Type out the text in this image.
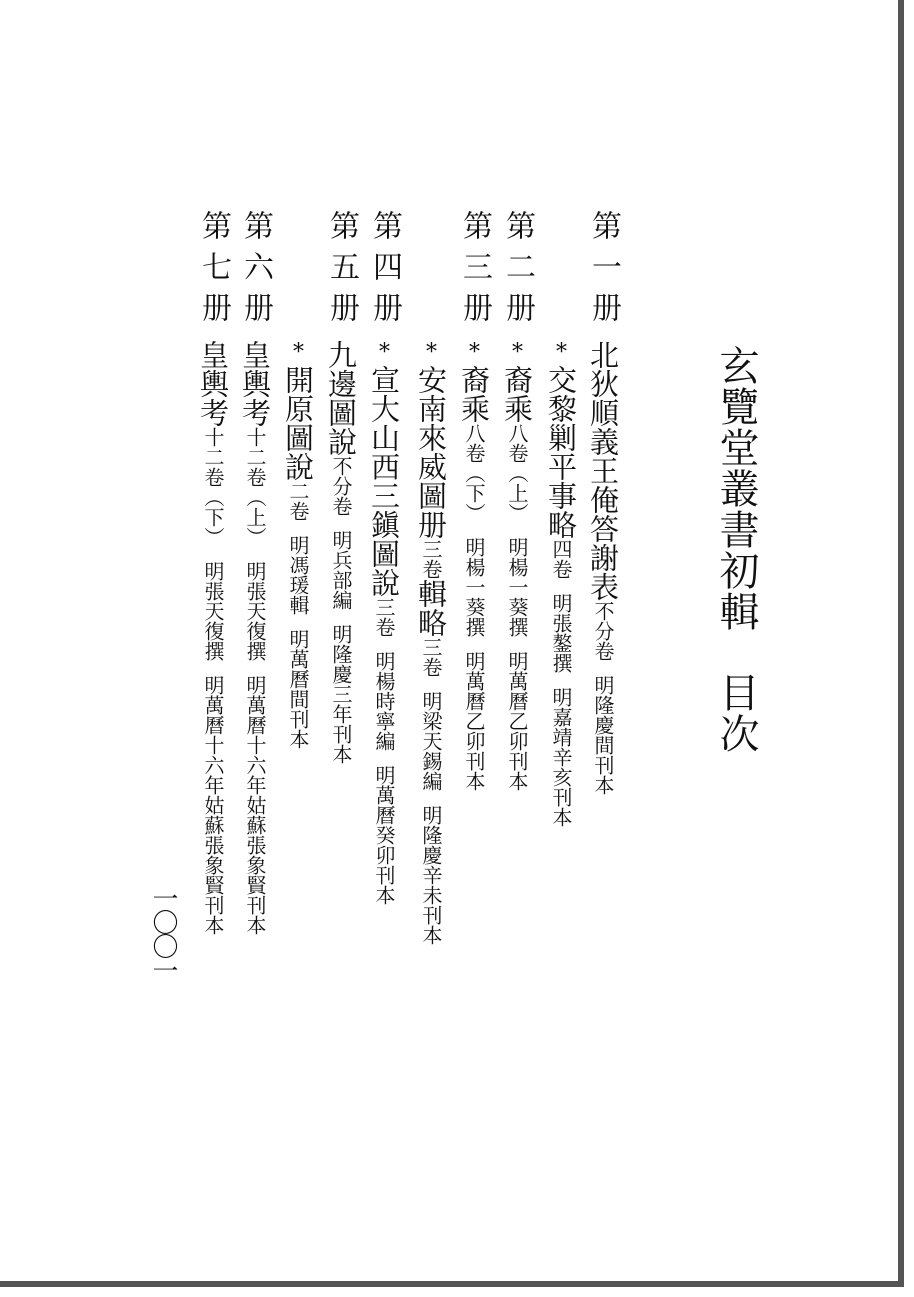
玄覽堂叢書初輯目次
第一册
北狄順義王俺答謝表不分卷明隆慶間刊本
*交黎剿平事略四卷明張鏊撰明嘉靖辛亥刊本
第二册
*裔乘八卷（上）明楊一葵撰明萬曆乙卯刊本
第三册
*裔乘八卷（下）明楊一葵撰明萬曆乙卯刊本
*安南來威圖册三卷輯略三卷明梁天錫編明隆慶辛未刊本
第四册
*宣大山西三鎭圖說三卷明楊時寧編明萬曆癸卯刊本
第五册
九邊圖說不分卷明兵部編明隆慶三年刊本
*開原圖說二卷明馮瑗輯明萬曆間刊本
第六册
皇輿考十二卷（上）明張天復撰明萬曆十六年姑蘇張象賢刊本
第七册
皇輿考十二卷（下）明張天復撰明萬曆十六年姑蘇張象賢刊本
一〇〇一
